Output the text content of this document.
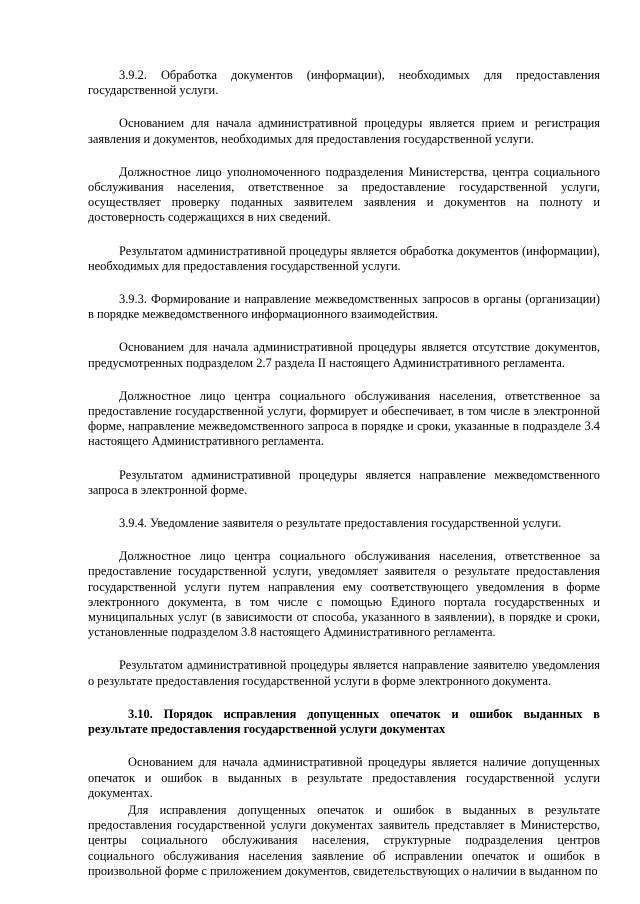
3.9.2. Обработка документов (информации), необходимых для предоставления государственной услуги.

Основанием для начала административной процедуры является прием и регистрация заявления и документов, необходимых для предоставления государственной услуги.

Должностное лицо уполномоченного подразделения Министерства, центра социального обслуживания населения, ответственное за предоставление государственной услуги, осуществляет проверку поданных заявителем заявления и документов на полноту и достоверность содержащихся в них сведений.

Результатом административной процедуры является обработка документов (информации), необходимых для предоставления государственной услуги.

3.9.3. Формирование и направление межведомственных запросов в органы (организации) в порядке межведомственного информационного взаимодействия.

Основанием для начала административной процедуры является отсутствие документов, предусмотренных подразделом 2.7 раздела II настоящего Административного регламента.

Должностное лицо центра социального обслуживания населения, ответственное за предоставление государственной услуги, формирует и обеспечивает, в том числе в электронной форме, направление межведомственного запроса в порядке и сроки, указанные в подразделе 3.4 настоящего Административного регламента.

Результатом административной процедуры является направление межведомственного запроса в электронной форме.

3.9.4. Уведомление заявителя о результате предоставления государственной услуги.

Должностное лицо центра социального обслуживания населения, ответственное за предоставление государственной услуги, уведомляет заявителя о результате предоставления государственной услуги путем направления ему соответствующего уведомления в форме электронного документа, в том числе с помощью Единого портала государственных и муниципальных услуг (в зависимости от способа, указанного в заявлении), в порядке и сроки, установленные подразделом 3.8 настоящего Административного регламента.

Результатом административной процедуры является направление заявителю уведомления о результате предоставления государственной услуги в форме электронного документа.

3.10. Порядок исправления допущенных опечаток и ошибок выданных в результате предоставления государственной услуги документах

Основанием для начала административной процедуры является наличие допущенных опечаток и ошибок в выданных в результате предоставления государственной услуги документах.

Для исправления допущенных опечаток и ошибок в выданных в результате предоставления государственной услуги документах заявитель представляет в Министерство, центры социального обслуживания населения, структурные подразделения центров социального обслуживания населения заявление об исправлении опечаток и ошибок в произвольной форме с приложением документов, свидетельствующих о наличии в выданном по
